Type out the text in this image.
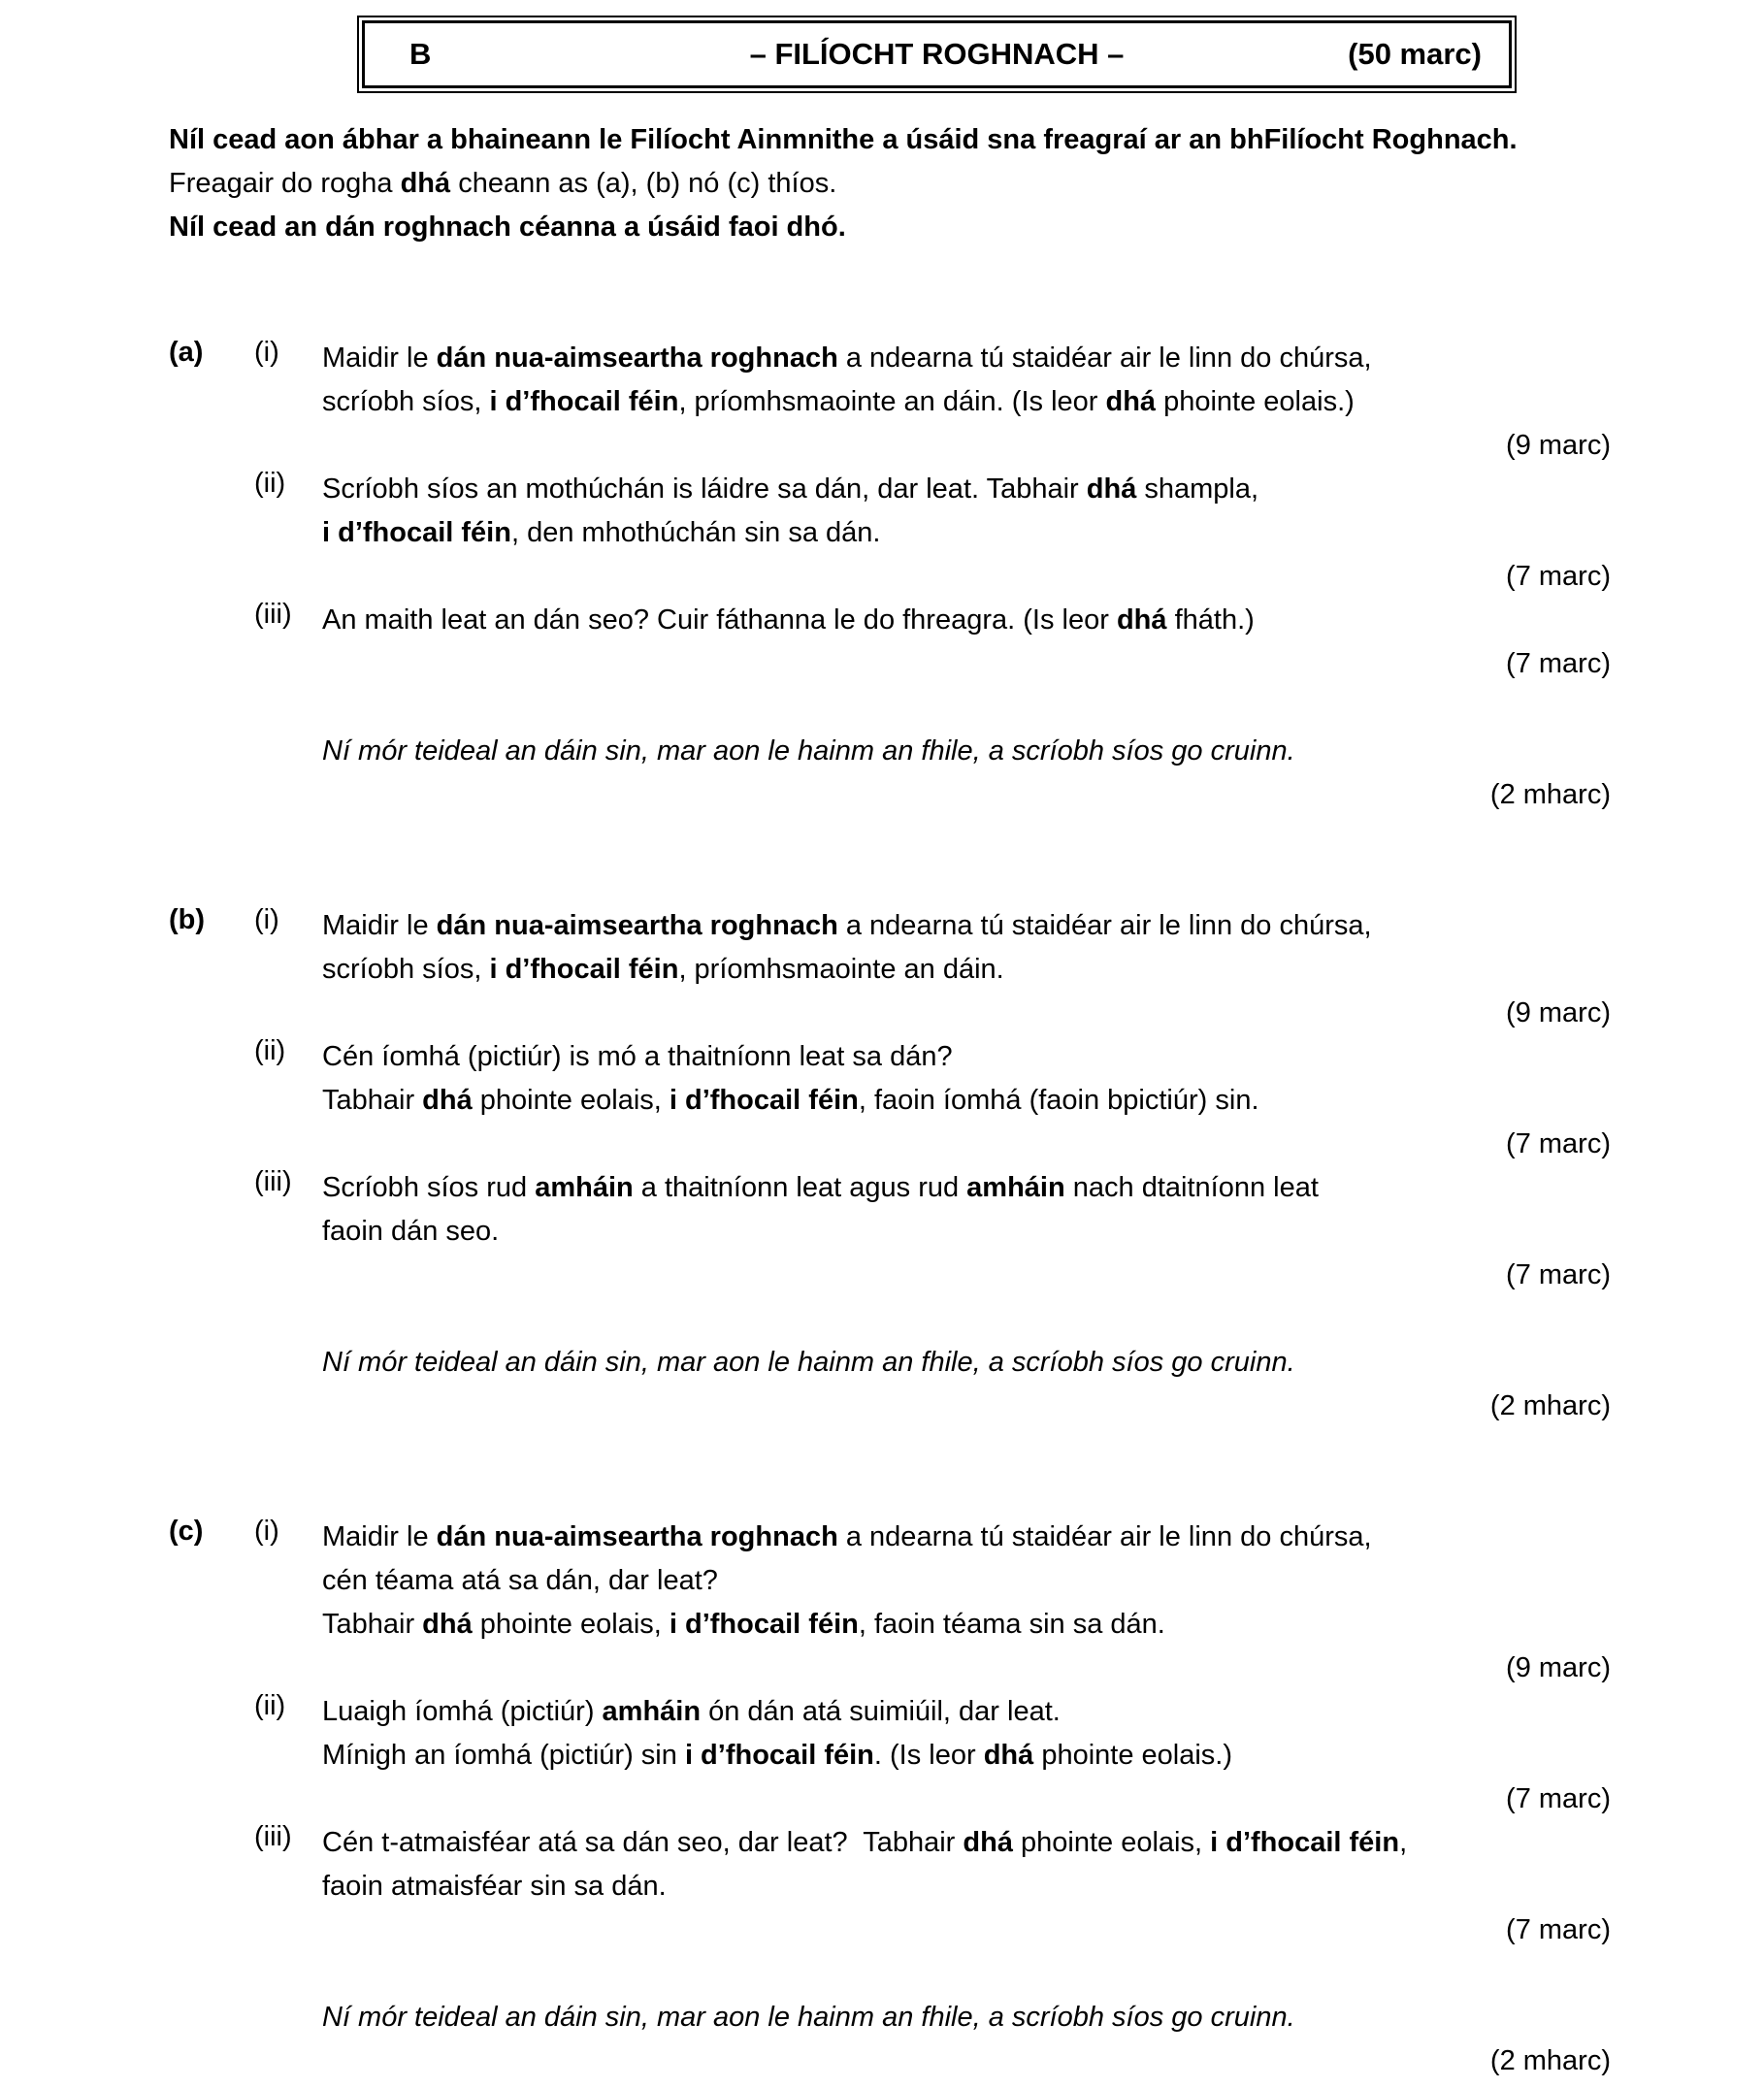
B	– FILÍOCHT ROGHNACH –	(50 marc)
Níl cead aon ábhar a bhaineann le Filíocht Ainmnithe a úsáid sna freagraí ar an bhFilíocht Roghnach.
Freagair do rogha dhá cheann as (a), (b) nó (c) thíos.
Níl cead an dán roghnach céanna a úsáid faoi dhó.
(a)	(i)	Maidir le dán nua-aimseartha roghnach a ndearna tú staidéar air le linn do chúrsa,
scríobh síos, i d’fhocail féin, príomhsmaointe an dáin. (Is leor dhá phointe eolais.)
(9 marc)
(ii)	Scríobh síos an mothúchán is láidre sa dán, dar leat. Tabhair dhá shampla,
i d’fhocail féin, den mhothúchán sin sa dán.
(7 marc)
(iii)	An maith leat an dán seo? Cuir fáthanna le do fhreagra. (Is leor dhá fháth.)
(7 marc)
Ní mór teideal an dáin sin, mar aon le hainm an fhile, a scríobh síos go cruinn.
(2 mharc)
(b)	(i)	Maidir le dán nua-aimseartha roghnach a ndearna tú staidéar air le linn do chúrsa,
scríobh síos, i d’fhocail féin, príomhsmaointe an dáin.
(9 marc)
(ii)	Cén íomhá (pictiúr) is mó a thaitníonn leat sa dán?
Tabhair dhá phointe eolais, i d’fhocail féin, faoin íomhá (faoin bpictiúr) sin.
(7 marc)
(iii)	Scríobh síos rud amháin a thaitníonn leat agus rud amháin nach dtaitníonn leat
faoin dán seo.
(7 marc)
Ní mór teideal an dáin sin, mar aon le hainm an fhile, a scríobh síos go cruinn.
(2 mharc)
(c)	(i)	Maidir le dán nua-aimseartha roghnach a ndearna tú staidéar air le linn do chúrsa,
cén téama atá sa dán, dar leat?
Tabhair dhá phointe eolais, i d’fhocail féin, faoin téama sin sa dán.
(9 marc)
(ii)	Luaigh íomhá (pictiúr) amháin ón dán atá suimiúil, dar leat.
Mínigh an íomhá (pictiúr) sin i d’fhocail féin. (Is leor dhá phointe eolais.)
(7 marc)
(iii)	Cén t-atmaisféar atá sa dán seo, dar leat?  Tabhair dhá phointe eolais, i d’fhocail féin,
faoin atmaisféar sin sa dán.
(7 marc)
Ní mór teideal an dáin sin, mar aon le hainm an fhile, a scríobh síos go cruinn.
(2 mharc)
